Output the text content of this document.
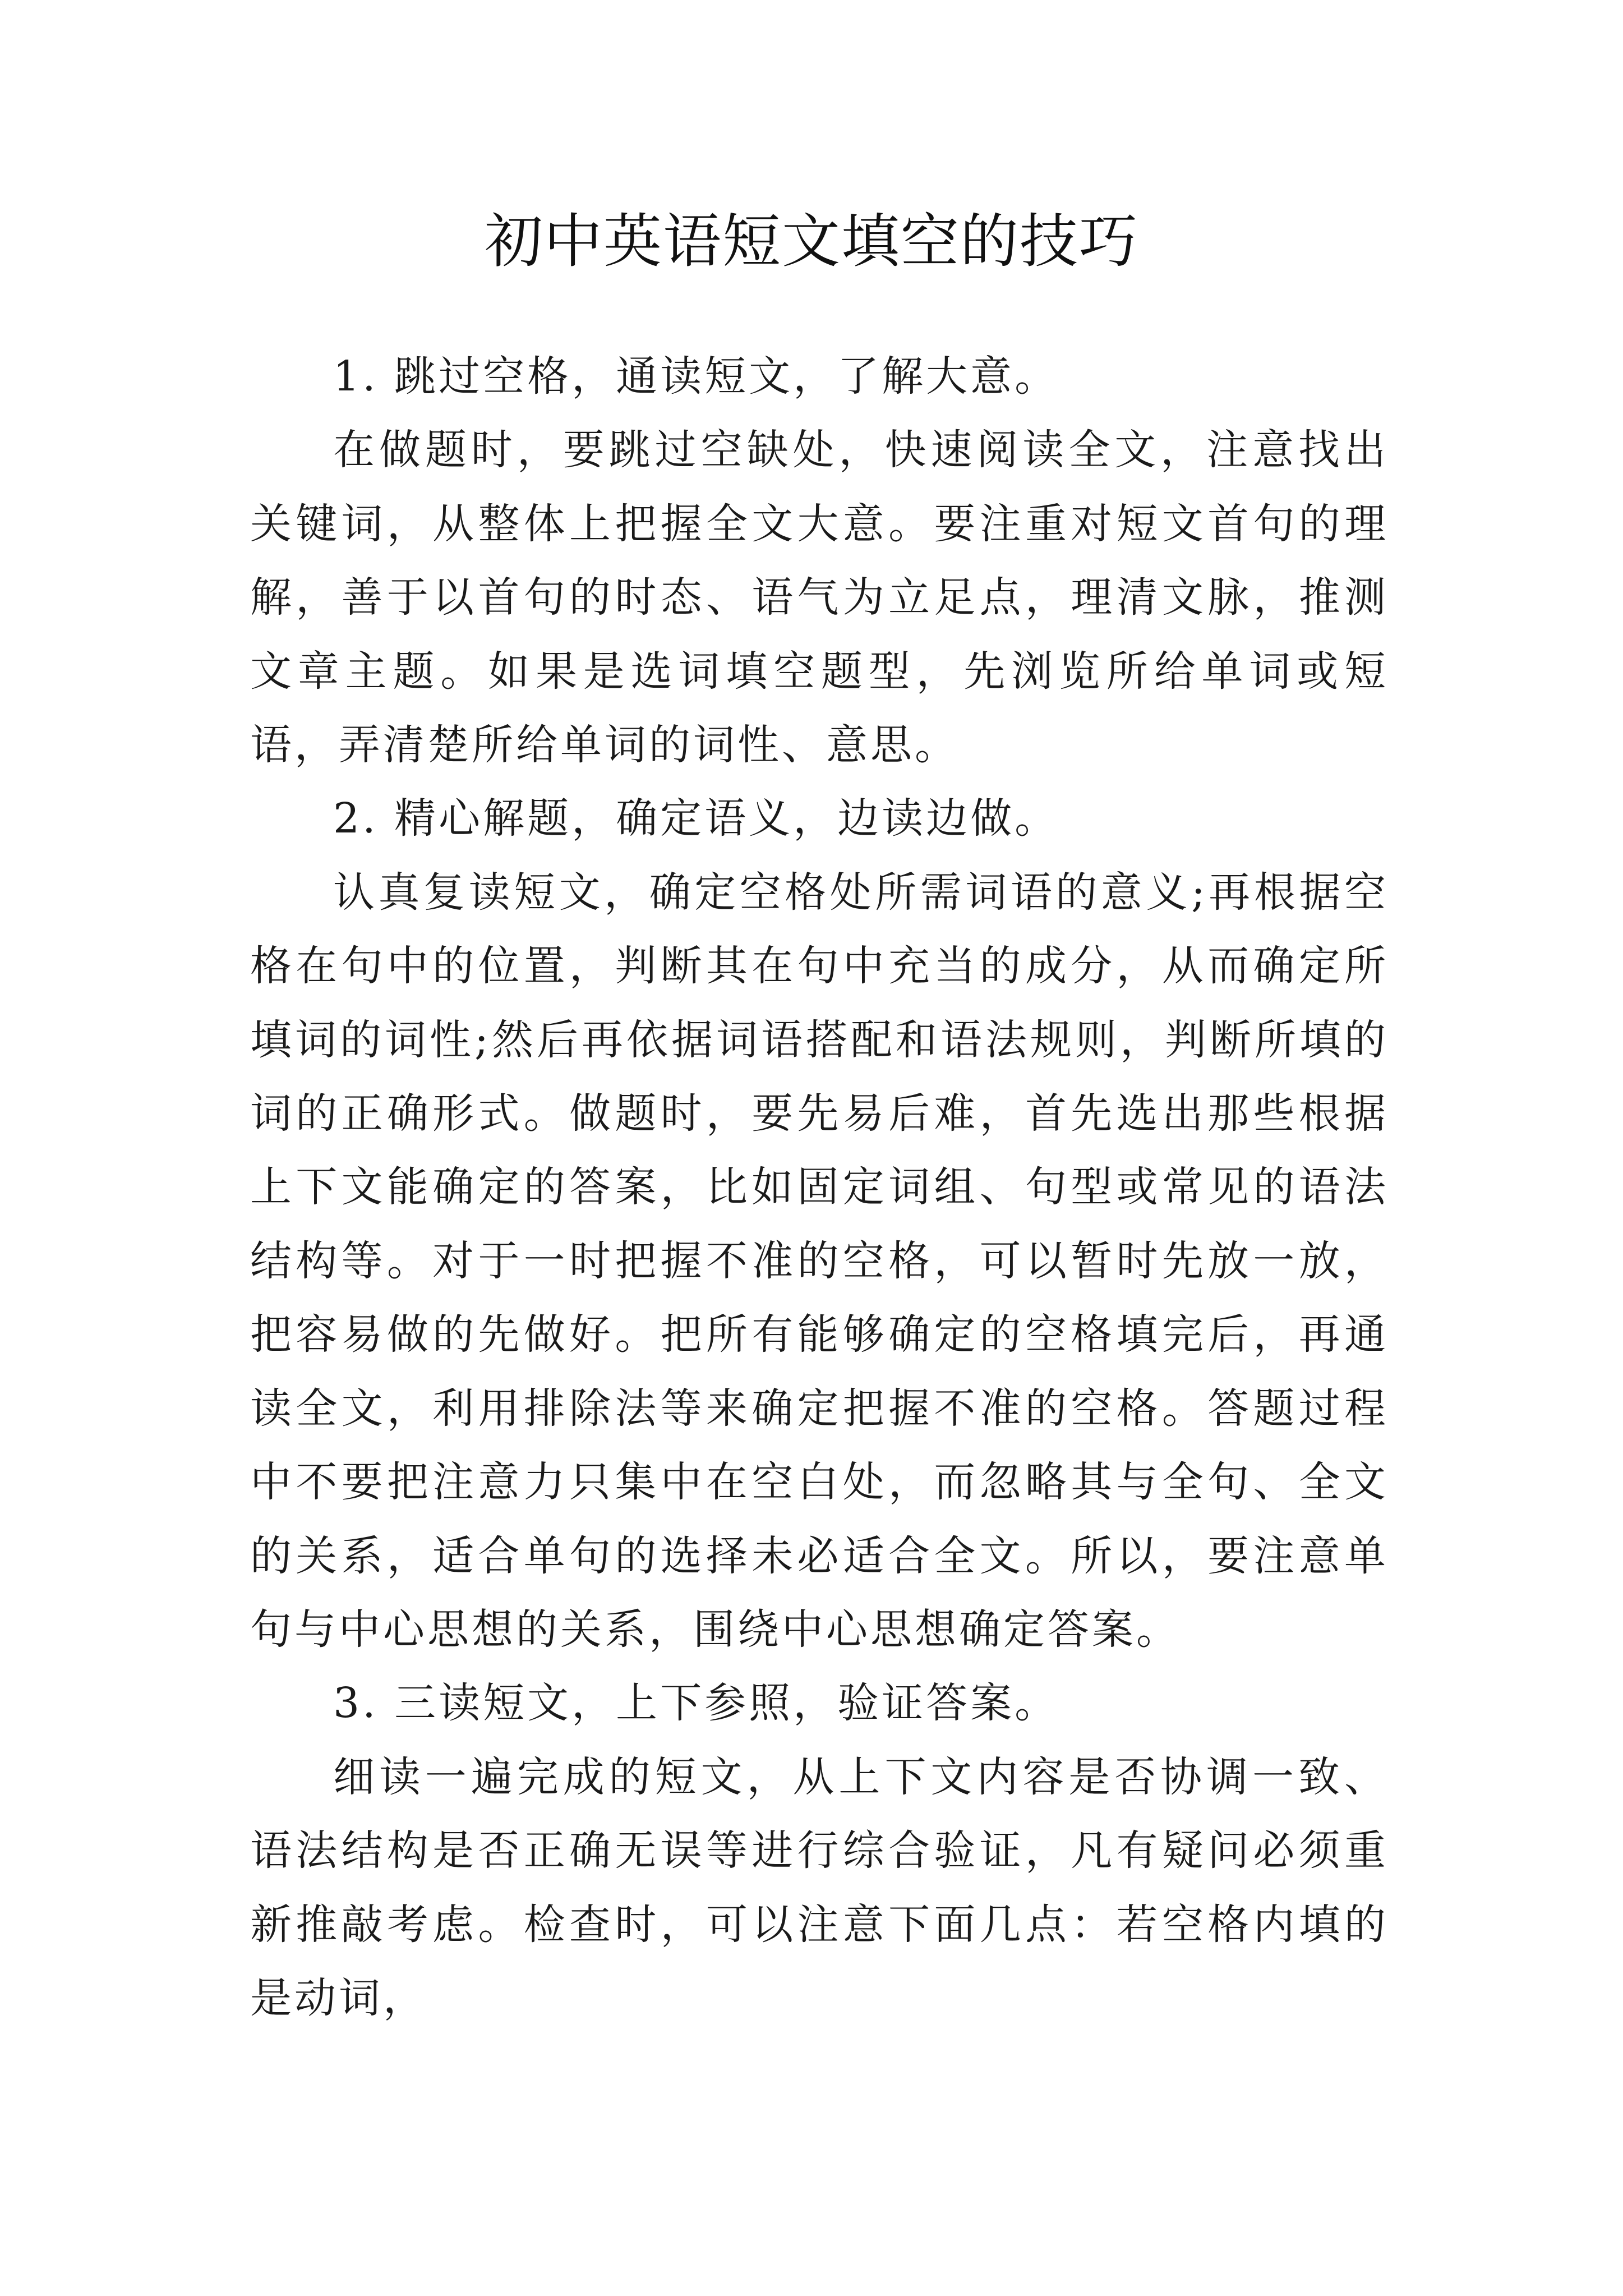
初中英语短文填空的技巧

1. 跳过空格，通读短文，了解大意。

在做题时，要跳过空缺处，快速阅读全文，注意找出关键词，从整体上把握全文大意。要注重对短文首句的理解，善于以首句的时态、语气为立足点，理清文脉，推测文章主题。如果是选词填空题型，先浏览所给单词或短语，弄清楚所给单词的词性、意思。

2. 精心解题，确定语义，边读边做。

认真复读短文，确定空格处所需词语的意义;再根据空格在句中的位置，判断其在句中充当的成分，从而确定所填词的词性;然后再依据词语搭配和语法规则，判断所填的词的正确形式。做题时，要先易后难，首先选出那些根据上下文能确定的答案，比如固定词组、句型或常见的语法结构等。对于一时把握不准的空格，可以暂时先放一放，把容易做的先做好。把所有能够确定的空格填完后，再通读全文，利用排除法等来确定把握不准的空格。答题过程中不要把注意力只集中在空白处，而忽略其与全句、全文的关系，适合单句的选择未必适合全文。所以，要注意单句与中心思想的关系，围绕中心思想确定答案。

3. 三读短文，上下参照，验证答案。

细读一遍完成的短文，从上下文内容是否协调一致、语法结构是否正确无误等进行综合验证，凡有疑问必须重新推敲考虑。检查时，可以注意下面几点：若空格内填的是动词，
